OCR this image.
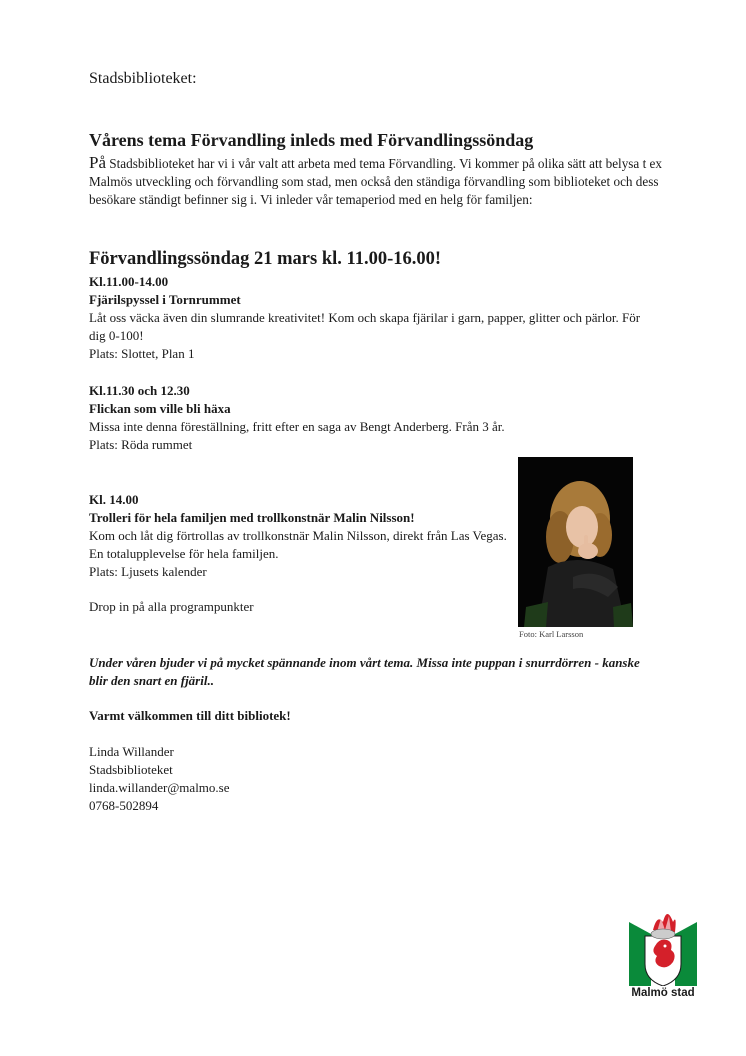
Stadsbiblioteket:
Vårens tema Förvandling inleds med Förvandlingssöndag
På Stadsbiblioteket har vi i vår valt att arbeta med tema Förvandling. Vi kommer på olika sätt att belysa t ex Malmös utveckling och förvandling som stad, men också den ständiga förvandling som biblioteket och dess besökare ständigt befinner sig i. Vi inleder vår temaperiod med en helg för familjen:
Förvandlingssöndag 21 mars kl. 11.00-16.00!
Kl.11.00-14.00
Fjärilspyssel i Tornrummet
Låt oss väcka även din slumrande kreativitet! Kom och skapa fjärilar i garn, papper, glitter och pärlor. För dig 0-100!
Plats: Slottet, Plan 1
Kl.11.30 och 12.30
Flickan som ville bli häxa
Missa inte denna föreställning, fritt efter en saga av Bengt Anderberg. Från 3 år.
Plats: Röda rummet
Kl. 14.00
Trolleri för hela familjen med trollkonstnär Malin Nilsson!
Kom och låt dig förtrollas av trollkonstnär Malin Nilsson, direkt från Las Vegas. En totalupplevelse för hela familjen.
Plats: Ljusets kalender
Drop in på alla programpunkter
Foto: Karl Larsson
Under våren bjuder vi på mycket spännande inom vårt tema. Missa inte puppan i snurrdörren - kanske blir den snart en fjäril..
Varmt välkommen till ditt bibliotek!
Linda Willander
Stadsbiblioteket
linda.willander@malmo.se
0768-502894
Malmö stad
